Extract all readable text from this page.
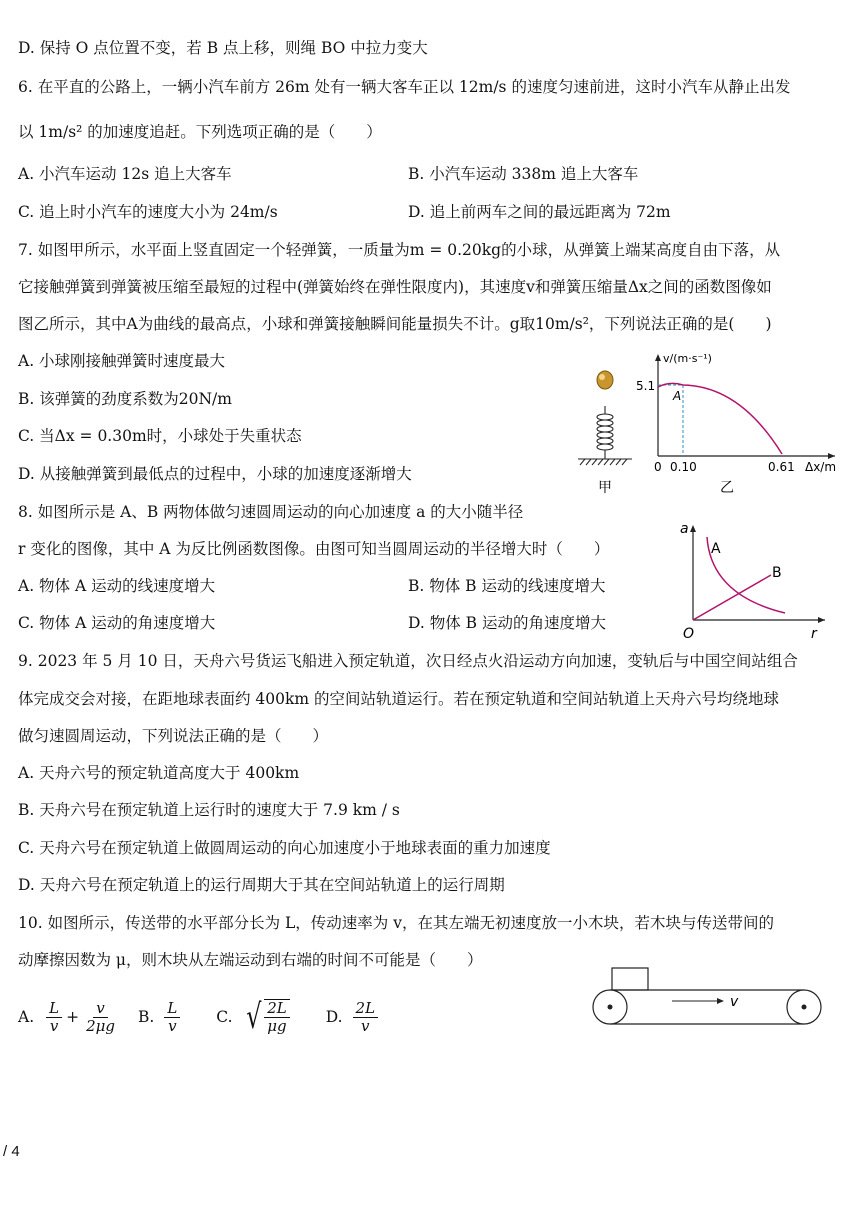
D. 保持 O 点位置不变，若 B 点上移，则绳 BO 中拉力变大
6. 在平直的公路上，一辆小汽车前方 26m 处有一辆大客车正以 12m/s 的速度匀速前进，这时小汽车从静止出发
以 1m/s² 的加速度追赶。下列选项正确的是（　　）
A. 小汽车运动 12s 追上大客车	B. 小汽车运动 338m 追上大客车
C. 追上时小汽车的速度大小为 24m/s	D. 追上前两车之间的最远距离为 72m
7. 如图甲所示，水平面上竖直固定一个轻弹簧，一质量为m = 0.20kg的小球，从弹簧上端某高度自由下落，从
它接触弹簧到弹簧被压缩至最短的过程中(弹簧始终在弹性限度内)，其速度v和弹簧压缩量Δx之间的函数图像如
图乙所示，其中A为曲线的最高点，小球和弹簧接触瞬间能量损失不计。g取10m/s²，下列说法正确的是(　　)
A. 小球刚接触弹簧时速度最大
B. 该弹簧的劲度系数为20N/m
C. 当Δx = 0.30m时，小球处于失重状态
D. 从接触弹簧到最低点的过程中，小球的加速度逐渐增大
甲
v/(m·s⁻¹)
5.1
A
0 0.10	0.61 Δx/m
乙
8. 如图所示是 A、B 两物体做匀速圆周运动的向心加速度 a 的大小随半径
r 变化的图像，其中 A 为反比例函数图像。由图可知当圆周运动的半径增大时（　　）
A. 物体 A 运动的线速度增大	B. 物体 B 运动的线速度增大
C. 物体 A 运动的角速度增大	D. 物体 B 运动的角速度增大
a
A
B
O	r
9. 2023 年 5 月 10 日，天舟六号货运飞船进入预定轨道，次日经点火沿运动方向加速，变轨后与中国空间站组合
体完成交会对接，在距地球表面约 400km 的空间站轨道运行。若在预定轨道和空间站轨道上天舟六号均绕地球
做匀速圆周运动，下列说法正确的是（　　）
A. 天舟六号的预定轨道高度大于 400km
B. 天舟六号在预定轨道上运行时的速度大于 7.9 km / s
C. 天舟六号在预定轨道上做圆周运动的向心加速度小于地球表面的重力加速度
D. 天舟六号在预定轨道上的运行周期大于其在空间站轨道上的运行周期
10. 如图所示，传送带的水平部分长为 L，传动速率为 v，在其左端无初速度放一小木块，若木块与传送带间的
动摩擦因数为 μ，则木块从左端运动到右端的时间不可能是（　　）
A. $\frac{L}{v} + \frac{v}{2\mu g} B$. $\frac{L}{v} C$. √ $\frac{2L}{\mu g} D$. $\frac{2L}{v}$	v
/ 4
